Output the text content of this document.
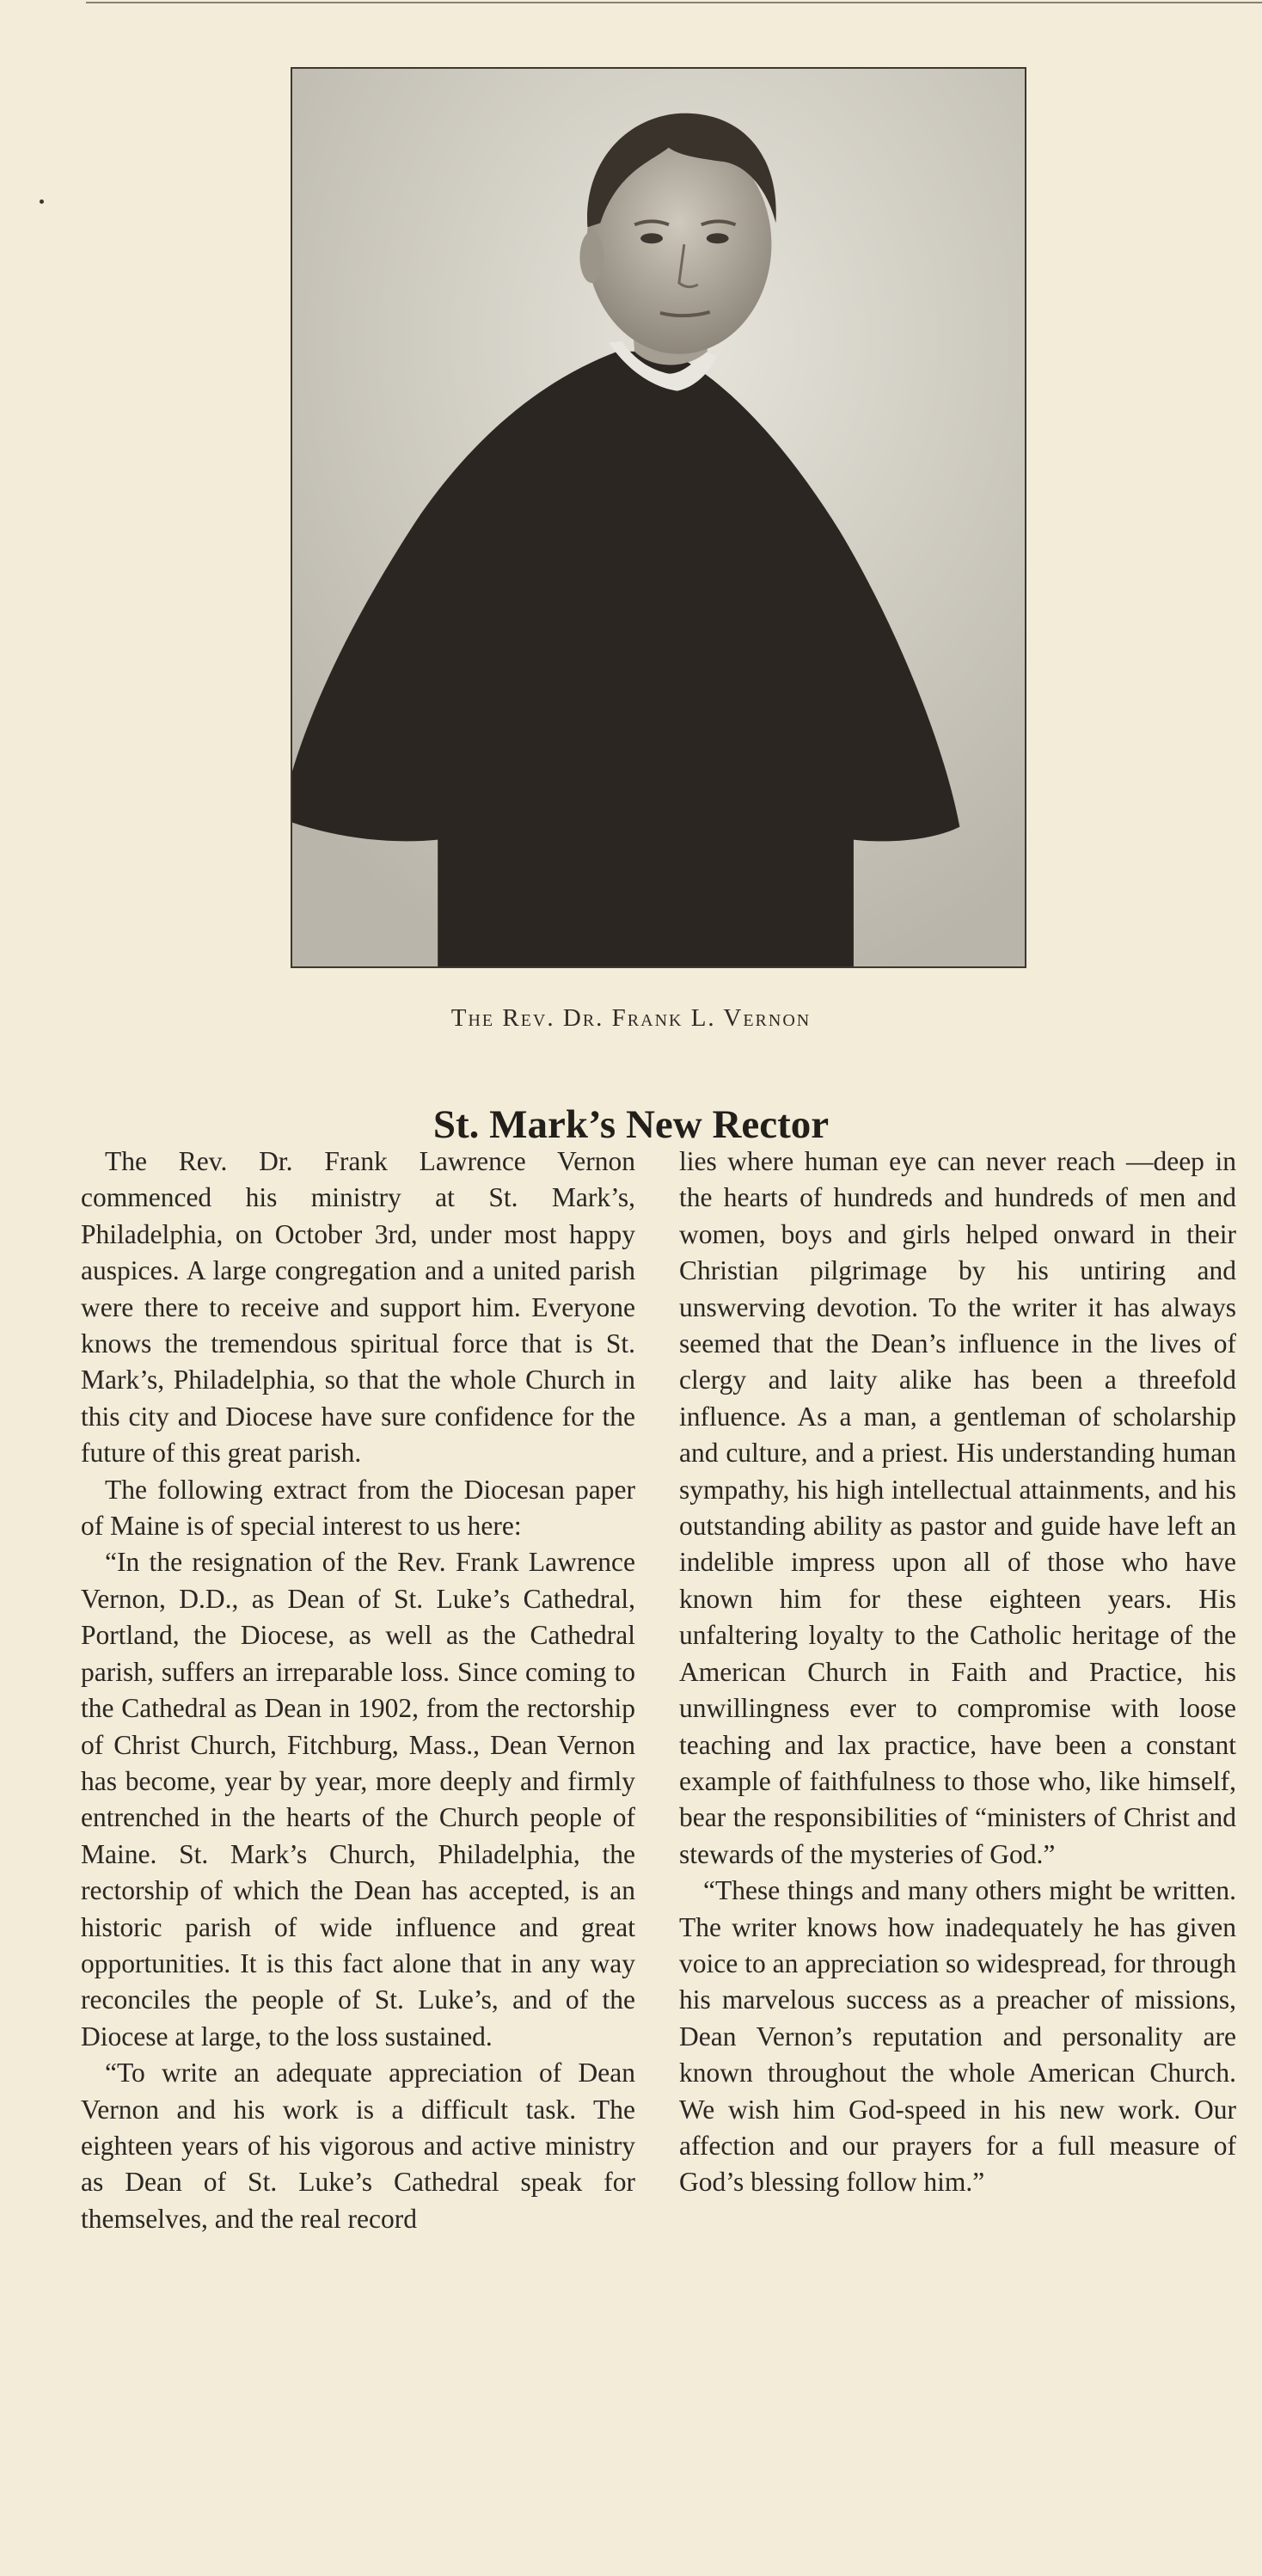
The Rev. Dr. Frank L. Vernon
St. Mark’s New Rector

The Rev. Dr. Frank Lawrence Vernon commenced his ministry at St. Mark’s, Philadelphia, on October 3rd, under most happy auspices. A large congregation and a united parish were there to receive and support him. Everyone knows the tremendous spiritual force that is St. Mark’s, Philadelphia, so that the whole Church in this city and Diocese have sure confidence for the future of this great parish.

The following extract from the Diocesan paper of Maine is of special interest to us here:

“In the resignation of the Rev. Frank Lawrence Vernon, D.D., as Dean of St. Luke’s Cathedral, Portland, the Diocese, as well as the Cathedral parish, suffers an irreparable loss. Since coming to the Cathedral as Dean in 1902, from the rectorship of Christ Church, Fitchburg, Mass., Dean Vernon has become, year by year, more deeply and firmly entrenched in the hearts of the Church people of Maine. St. Mark’s Church, Philadelphia, the rectorship of which the Dean has accepted, is an historic parish of wide influence and great opportunities. It is this fact alone that in any way reconciles the people of St. Luke’s, and of the Diocese at large, to the loss sustained.

“To write an adequate appreciation of Dean Vernon and his work is a difficult task. The eighteen years of his vigorous and active ministry as Dean of St. Luke’s Cathedral speak for themselves, and the real record

lies where human eye can never reach —deep in the hearts of hundreds and hundreds of men and women, boys and girls helped onward in their Christian pilgrimage by his untiring and unswerving devotion. To the writer it has always seemed that the Dean’s influence in the lives of clergy and laity alike has been a threefold influence. As a man, a gentleman of scholarship and culture, and a priest. His understanding human sympathy, his high intellectual attainments, and his outstanding ability as pastor and guide have left an indelible impress upon all of those who have known him for these eighteen years. His unfaltering loyalty to the Catholic heritage of the American Church in Faith and Practice, his unwillingness ever to compromise with loose teaching and lax practice, have been a constant example of faithfulness to those who, like himself, bear the responsibilities of “ministers of Christ and stewards of the mysteries of God.”

“These things and many others might be written. The writer knows how inadequately he has given voice to an appreciation so widespread, for through his marvelous success as a preacher of missions, Dean Vernon’s reputation and personality are known throughout the whole American Church. We wish him God-speed in his new work. Our affection and our prayers for a full measure of God’s blessing follow him.”
